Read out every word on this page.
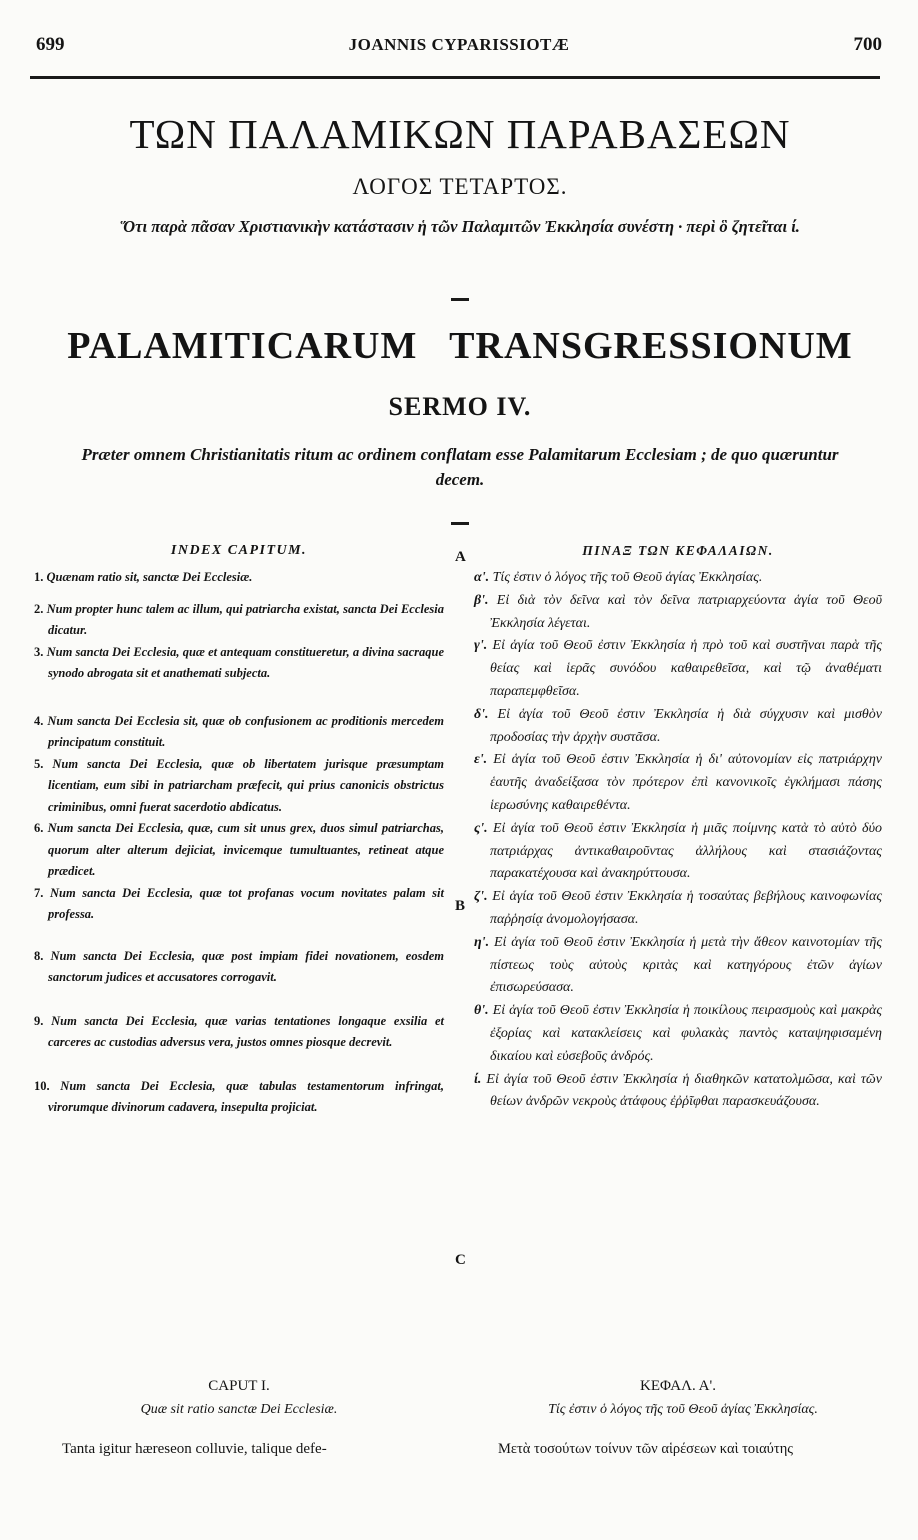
699	JOANNIS CYPARISSIOTÆ	700
ΤΩΝ ΠΑΛΑΜΙΚΩΝ ΠΑΡΑΒΑΣΕΩΝ
ΛΟΓΟΣ ΤΕΤΑΡΤΟΣ.
Ὅτι παρὰ πᾶσαν Χριστιανικὴν κατάστασιν ἡ τῶν Παλαμιτῶν Ἐκκλησία συνέστη · περὶ ὃ ζητεῖται ί.
PALAMITICARUM TRANSGRESSIONUM
SERMO IV.
Præter omnem Christianitatis ritum ac ordinem conflatam esse Palamitarum Ecclesiam ; de quo quæruntur decem.
A
B
C
INDEX CAPITUM.

1. Quænam ratio sit, sanctæ Dei Ecclesiæ.

2. Num propter hunc talem ac illum, qui patriarcha existat, sancta Dei Ecclesia dicatur.

3. Num sancta Dei Ecclesia, quæ et antequam constitueretur, a divina sacraque synodo abrogata sit et anathemati subjecta.

4. Num sancta Dei Ecclesia sit, quæ ob confusionem ac proditionis mercedem principatum constituit.

5. Num sancta Dei Ecclesia, quæ ob libertatem jurisque præsumptam licentiam, eum sibi in patriarcham præfecit, qui prius canonicis obstrictus criminibus, omni fuerat sacerdotio abdicatus.

6. Num sancta Dei Ecclesia, quæ, cum sit unus grex, duos simul patriarchas, quorum alter alterum dejiciat, invicemque tumultuantes, retineat atque prædicet.

7. Num sancta Dei Ecclesia, quæ tot profanas vocum novitates palam sit professa.

8. Num sancta Dei Ecclesia, quæ post impiam fidei novationem, eosdem sanctorum judices et accusatores corrogavit.

9. Num sancta Dei Ecclesia, quæ varias tentationes longaque exsilia et carceres ac custodias adversus vera, justos omnes piosque decrevit.

10. Num sancta Dei Ecclesia, quæ tabulas testamentorum infringat, virorumque divinorum cadavera, insepulta projiciat.

ΠΙΝΑΞ ΤΩΝ ΚΕΦΑΛΑΙΩΝ.

α'. Τίς ἐστιν ὁ λόγος τῆς τοῦ Θεοῦ ἁγίας Ἐκκλησίας.

β'. Εἰ διὰ τὸν δεῖνα καὶ τὸν δεῖνα πατριαρχεύοντα ἁγία τοῦ Θεοῦ Ἐκκλησία λέγεται.

γ'. Εἰ ἁγία τοῦ Θεοῦ ἐστιν Ἐκκλησία ἡ πρὸ τοῦ καὶ συστῆναι παρὰ τῆς θείας καὶ ἱερᾶς συνόδου καθαιρεθεῖσα, καὶ τῷ ἀναθέματι παραπεμφθεῖσα.

δ'. Εἰ ἁγία τοῦ Θεοῦ ἐστιν Ἐκκλησία ἡ διὰ σύγχυσιν καὶ μισθὸν προδοσίας τὴν ἀρχὴν συστᾶσα.

ε'. Εἰ ἁγία τοῦ Θεοῦ ἐστιν Ἐκκλησία ἡ δι' αὐτονομίαν εἰς πατριάρχην ἑαυτῆς ἀναδείξασα τὸν πρότερον ἐπὶ κανονικοῖς ἐγκλήμασι πάσης ἱερωσύνης καθαιρεθέντα.

ς'. Εἰ ἁγία τοῦ Θεοῦ ἐστιν Ἐκκλησία ἡ μιᾶς ποίμνης κατὰ τὸ αὐτὸ δύο πατριάρχας ἀντικαθαιροῦντας ἀλλήλους καὶ στασιάζοντας παρακατέχουσα καὶ ἀνακηρύττουσα.

ζ'. Εἰ ἁγία τοῦ Θεοῦ ἐστιν Ἐκκλησία ἡ τοσαύτας βεβήλους καινοφωνίας παῤῥησίᾳ ἀνομολογήσασα.

η'. Εἰ ἁγία τοῦ Θεοῦ ἐστιν Ἐκκλησία ἡ μετὰ τὴν ἄθεον καινοτομίαν τῆς πίστεως τοὺς αὐτοὺς κριτὰς καὶ κατηγόρους ἐτῶν ἁγίων ἐπισωρεύσασα.

θ'. Εἰ ἁγία τοῦ Θεοῦ ἐστιν Ἐκκλησία ἡ ποικίλους πειρασμοὺς καὶ μακρὰς ἐξορίας καὶ κατακλείσεις καὶ φυλακὰς παντὸς καταψηφισαμένη δικαίου καὶ εὐσεβοῦς ἀνδρός.

ί. Εἰ ἁγία τοῦ Θεοῦ ἐστιν Ἐκκλησία ἡ διαθηκῶν κατατολμῶσα, καὶ τῶν θείων ἀνδρῶν νεκροὺς ἀτάφους ἐῤῥῖφθαι παρασκευάζουσα.

CAPUT I.
Quæ sit ratio sanctæ Dei Ecclesiæ.
Tanta igitur hæreseon colluvie, talique defe-
ΚΕΦΑΛ. Α'.
Τίς ἐστιν ὁ λόγος τῆς τοῦ Θεοῦ ἁγίας Ἐκκλησίας.
Μετὰ τοσούτων τοίνυν τῶν αἱρέσεων καὶ τοιαύτης
